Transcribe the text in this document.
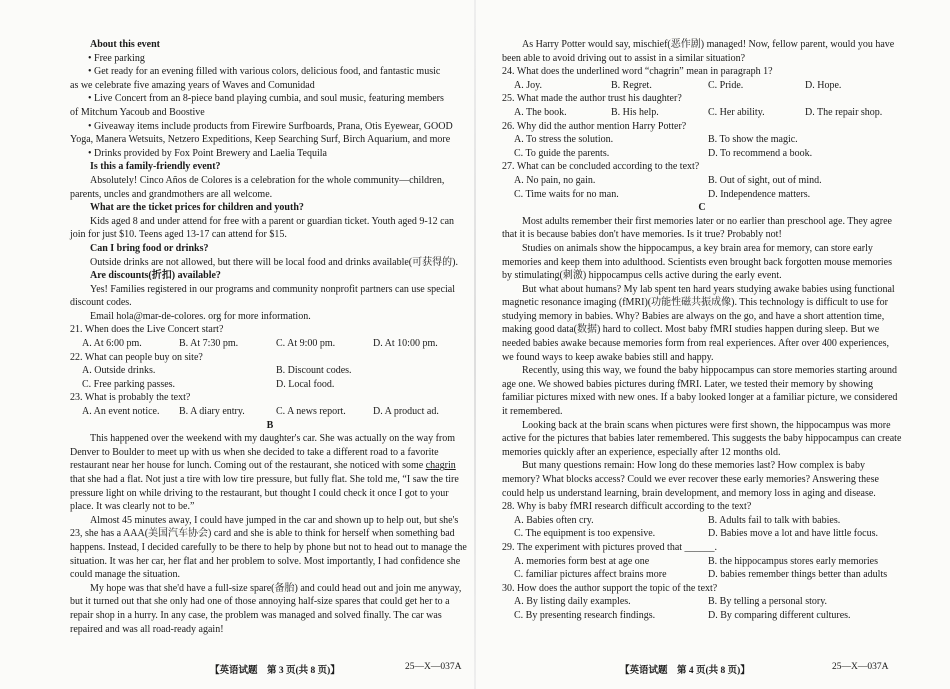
About this event

• Free parking

• Get ready for an evening filled with various colors, delicious food, and fantastic music

as we celebrate five amazing years of Waves and Comunidad

• Live Concert from an 8-piece band playing cumbia, and soul music, featuring members

of Mitchum Yacoub and Boostive

• Giveaway items include products from Firewire Surfboards, Prana, Otis Eyewear, GOOD

Yoga, Manera Wetsuits, Netzero Expeditions, Keep Searching Surf, Birch Aquarium, and more

• Drinks provided by Fox Point Brewery and Laelia Tequila

Is this a family-friendly event?

Absolutely! Cinco Años de Colores is a celebration for the whole community—children, parents, uncles and grandmothers are all welcome.

What are the ticket prices for children and youth?

Kids aged 8 and under attend for free with a parent or guardian ticket. Youth aged 9-12 can join for just $10. Teens aged 13-17 can attend for $15.

Can I bring food or drinks?

Outside drinks are not allowed, but there will be local food and drinks available(可获得的).

Are discounts(折扣) available?

Yes! Families registered in our programs and community nonprofit partners can use special discount codes.

Email hola@mar-de-colores. org for more information.

21. When does the Live Concert start?

A. At 6:00 pm.	B. At 7:30 pm.	C. At 9:00 pm.	D. At 10:00 pm.

22. What can people buy on site?

A. Outside drinks.	B. Discount codes.
C. Free parking passes.	D. Local food.

23. What is probably the text?

A. An event notice.	B. A diary entry.	C. A news report.	D. A product ad.

B

This happened over the weekend with my daughter's car. She was actually on the way from Denver to Boulder to meet up with us when she decided to take a different road to a favorite restaurant near her house for lunch. Coming out of the restaurant, she noticed with some chagrin that she had a flat. Not just a tire with low tire pressure, but fully flat. She told me, “I saw the tire pressure light on while driving to the restaurant, but thought I could check it once I got to your place. It was clearly not to be.”

Almost 45 minutes away, I could have jumped in the car and shown up to help out, but she's 23, she has a AAA(美国汽车协会) card and she is able to think for herself when something bad happens. Instead, I decided carefully to be there to help by phone but not to head out to manage the situation. It was her car, her flat and her problem to solve. Most importantly, I had confidence she could manage the situation.

My hope was that she'd have a full-size spare(备胎) and could head out and join me anyway, but it turned out that she only had one of those annoying half-size spares that could get her to a repair shop in a hurry. In any case, the problem was managed and solved finally. The car was repaired and was all road-ready again!

As Harry Potter would say, mischief(恶作剧) managed! Now, fellow parent, would you have been able to avoid driving out to assist in a similar situation?

24. What does the underlined word “chagrin” mean in paragraph 1?

A. Joy.	B. Regret.	C. Pride.	D. Hope.

25. What made the author trust his daughter?

A. The book.	B. His help.	C. Her ability.	D. The repair shop.

26. Why did the author mention Harry Potter?

A. To stress the solution.	B. To show the magic.
C. To guide the parents.	D. To recommend a book.

27. What can be concluded according to the text?

A. No pain, no gain.	B. Out of sight, out of mind.
C. Time waits for no man.	D. Independence matters.

C

Most adults remember their first memories later or no earlier than preschool age. They agree that it is because babies don't have memories. Is it true? Probably not!

Studies on animals show the hippocampus, a key brain area for memory, can store early memories and keep them into adulthood. Scientists even brought back forgotten mouse memories by stimulating(刺激) hippocampus cells active during the early event.

But what about humans? My lab spent ten hard years studying awake babies using functional magnetic resonance imaging (fMRI)(功能性磁共振成像). This technology is difficult to use for studying memory in babies. Why? Babies are always on the go, and have a short attention time, making good data(数据) hard to collect. Most baby fMRI studies happen during sleep. But we needed babies awake because memories form from real experiences. After over 400 experiences, we found ways to keep awake babies still and happy.

Recently, using this way, we found the baby hippocampus can store memories starting around age one. We showed babies pictures during fMRI. Later, we tested their memory by showing familiar pictures mixed with new ones. If a baby looked longer at a familiar picture, we considered it remembered.

Looking back at the brain scans when pictures were first shown, the hippocampus was more active for the pictures that babies later remembered. This suggests the baby hippocampus can create memories quickly after an experience, especially after 12 months old.

But many questions remain: How long do these memories last? How complex is baby memory? What blocks access? Could we ever recover these early memories? Answering these could help us understand learning, brain development, and memory loss in aging and disease.

28. Why is baby fMRI research difficult according to the text?

A. Babies often cry.	B. Adults fail to talk with babies.
C. The equipment is too expensive.	D. Babies move a lot and have little focus.

29. The experiment with pictures proved that ______.

A. memories form best at age one	B. the hippocampus stores early memories
C. familiar pictures affect brains more	D. babies remember things better than adults

30. How does the author support the topic of the text?

A. By listing daily examples.	B. By telling a personal story.
C. By presenting research findings.	D. By comparing different cultures.
【英语试题　第 3 页(共 8 页)】	25—X—037A	【英语试题　第 4 页(共 8 页)】	25—X—037A
